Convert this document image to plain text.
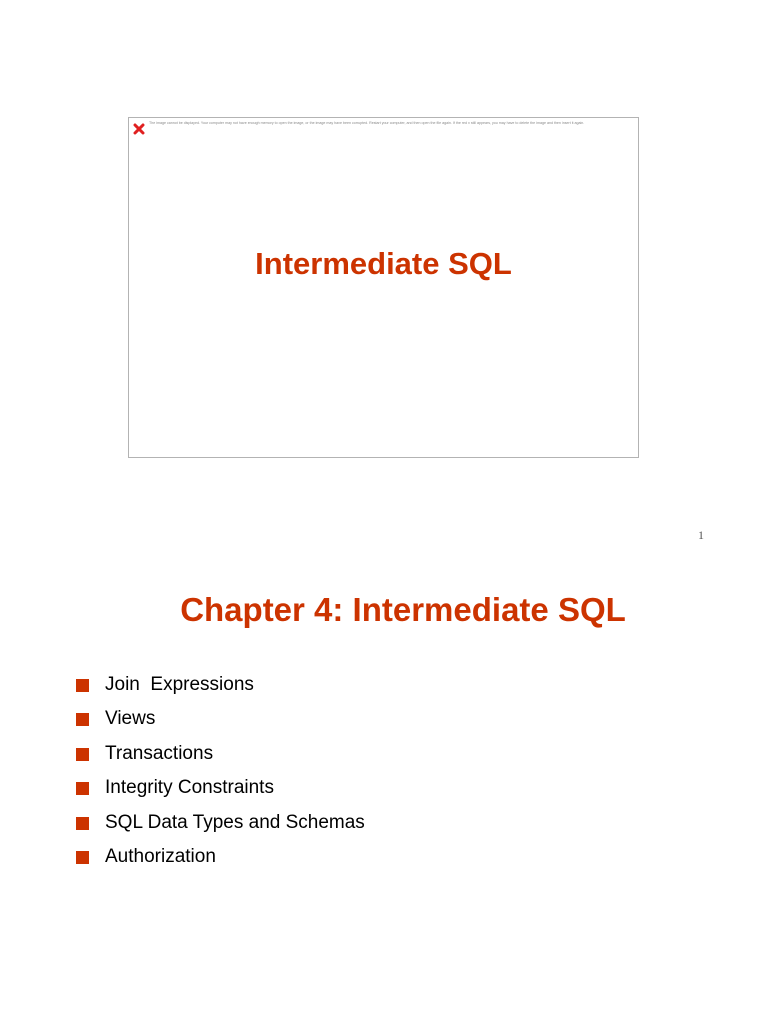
The image cannot be displayed. Your computer may not have enough memory to open the image, or the image may have been corrupted. Restart your computer, and then open the file again. If the red x still appears, you may have to delete the image and then insert it again.
Intermediate SQL
1
Chapter 4: Intermediate SQL
Join  Expressions
Views
Transactions
Integrity Constraints
SQL Data Types and Schemas
Authorization
